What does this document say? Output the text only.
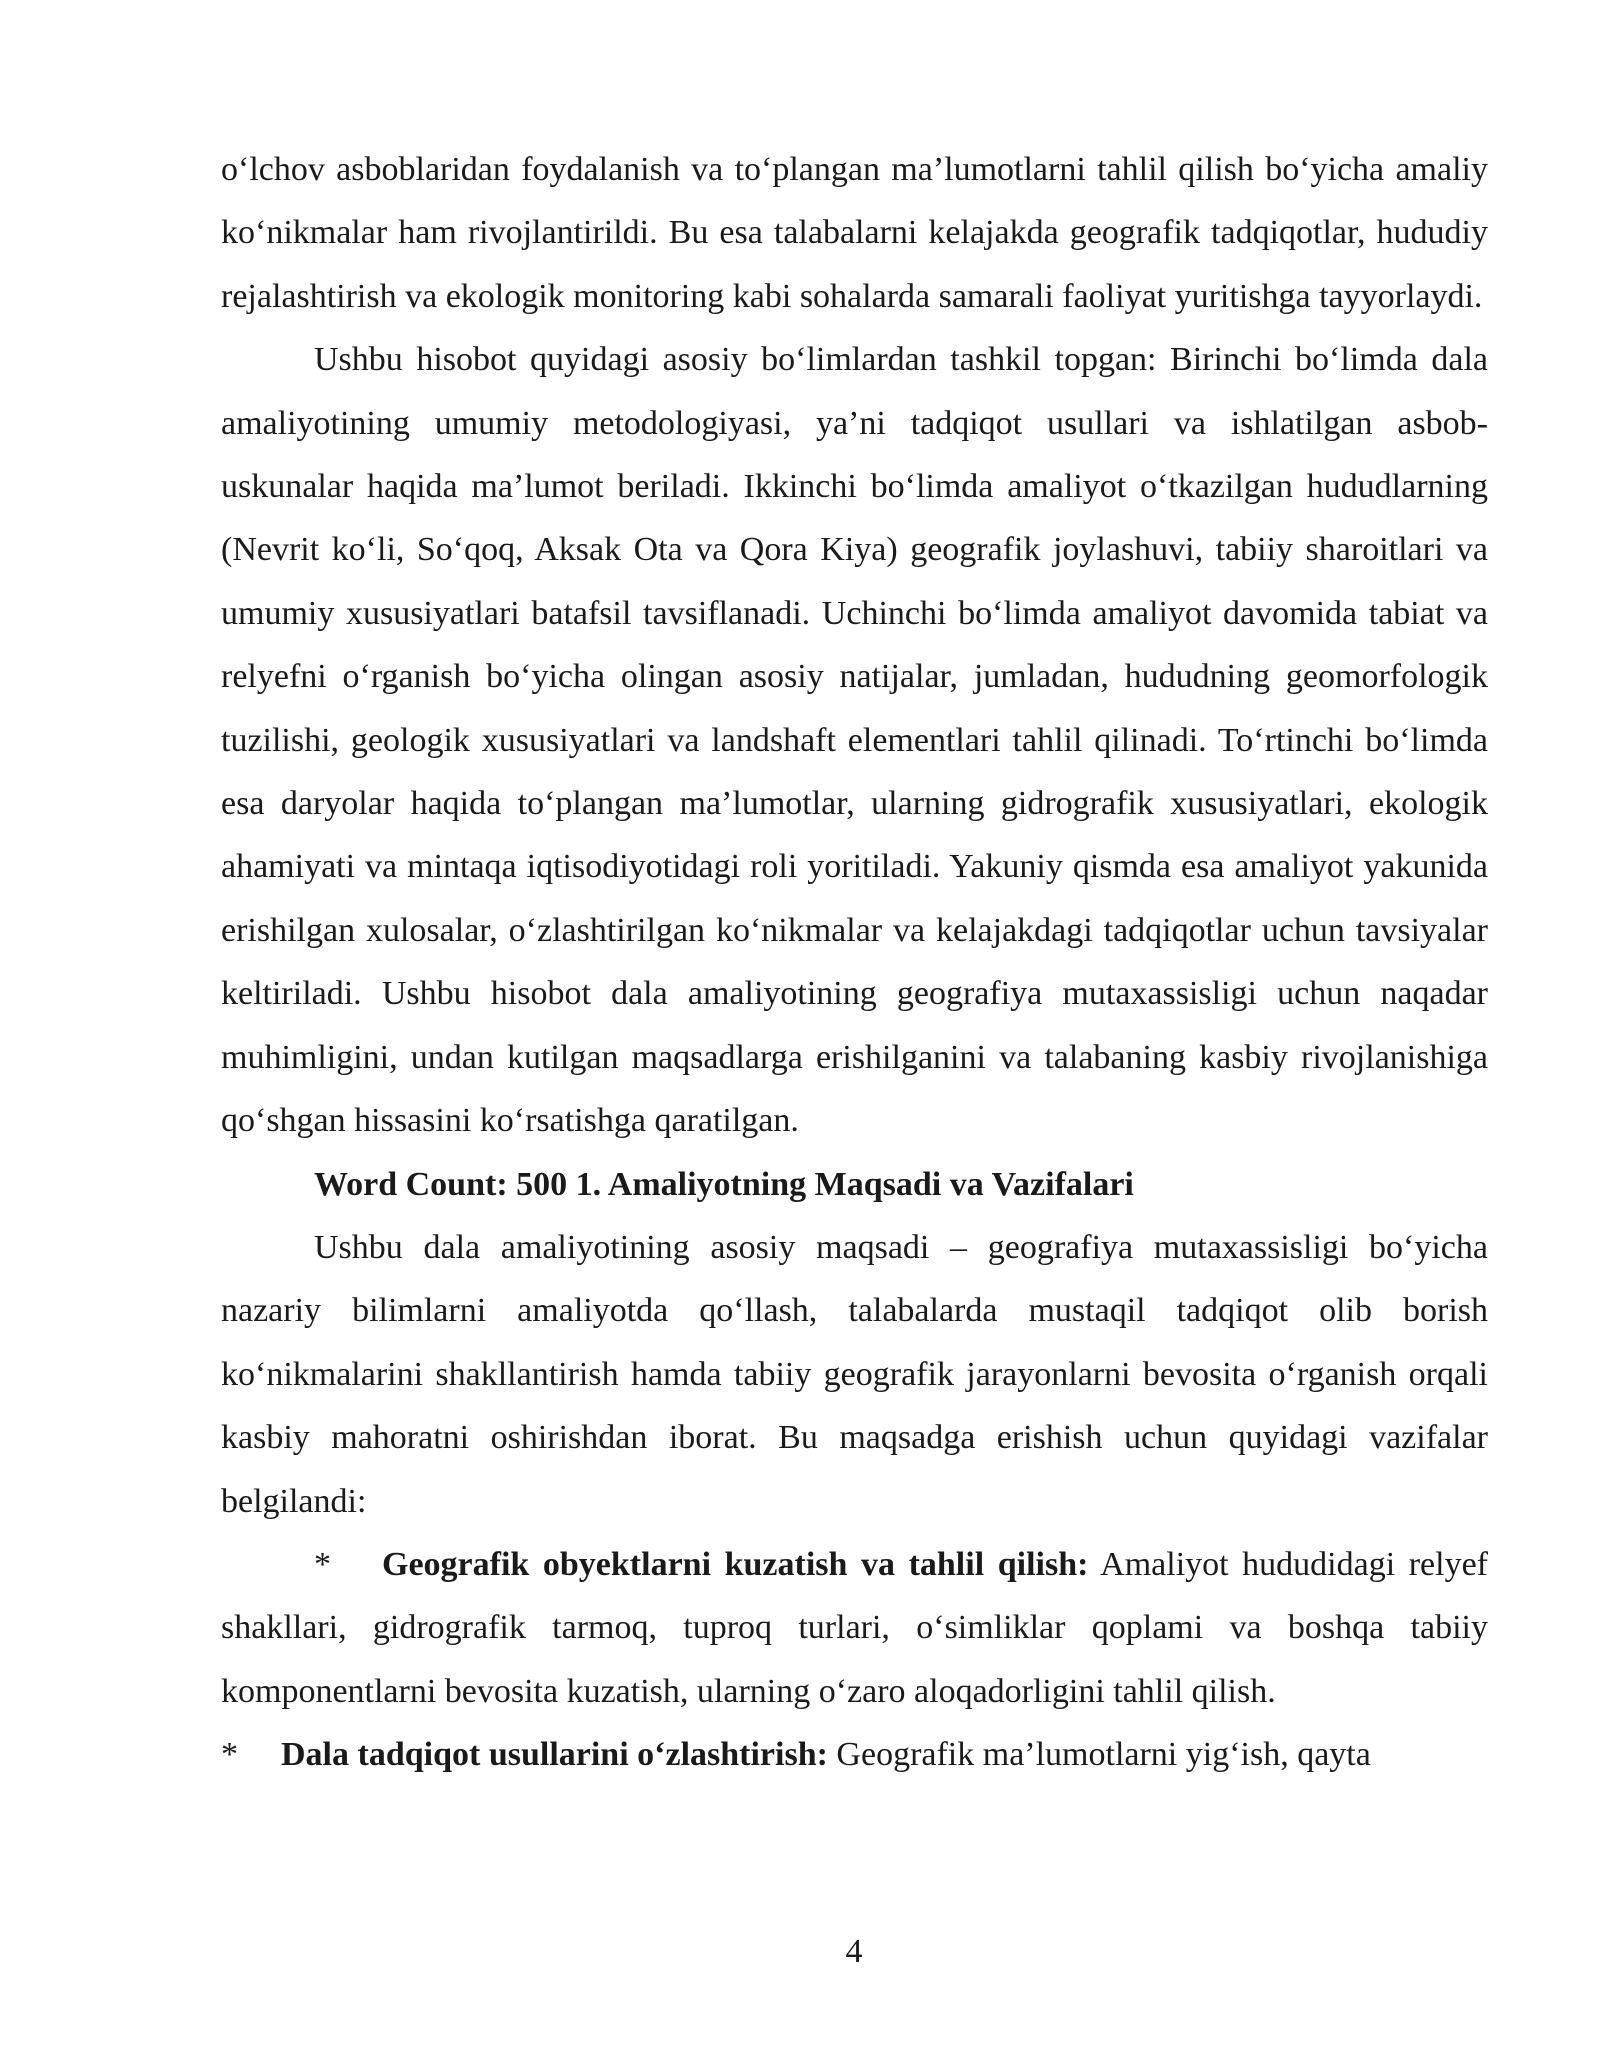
o‘lchov asboblaridan foydalanish va to‘plangan ma’lumotlarni tahlil qilish bo‘yicha amaliy ko‘nikmalar ham rivojlantirildi. Bu esa talabalarni kelajakda geografik tadqiqotlar, hududiy rejalashtirish va ekologik monitoring kabi sohalarda samarali faoliyat yuritishga tayyorlaydi.

Ushbu hisobot quyidagi asosiy bo‘limlardan tashkil topgan: Birinchi bo‘limda dala amaliyotining umumiy metodologiyasi, ya’ni tadqiqot usullari va ishlatilgan asbob-uskunalar haqida ma’lumot beriladi. Ikkinchi bo‘limda amaliyot o‘tkazilgan hududlarning (Nevrit ko‘li, So‘qoq, Aksak Ota va Qora Kiya) geografik joylashuvi, tabiiy sharoitlari va umumiy xususiyatlari batafsil tavsiflanadi. Uchinchi bo‘limda amaliyot davomida tabiat va relyefni o‘rganish bo‘yicha olingan asosiy natijalar, jumladan, hududning geomorfologik tuzilishi, geologik xususiyatlari va landshaft elementlari tahlil qilinadi. To‘rtinchi bo‘limda esa daryolar haqida to‘plangan ma’lumotlar, ularning gidrografik xususiyatlari, ekologik ahamiyati va mintaqa iqtisodiyotidagi roli yoritiladi. Yakuniy qismda esa amaliyot yakunida erishilgan xulosalar, o‘zlashtirilgan ko‘nikmalar va kelajakdagi tadqiqotlar uchun tavsiyalar keltiriladi. Ushbu hisobot dala amaliyotining geografiya mutaxassisligi uchun naqadar muhimligini, undan kutilgan maqsadlarga erishilganini va talabaning kasbiy rivojlanishiga qo‘shgan hissasini ko‘rsatishga qaratilgan.

Word Count: 500 1. Amaliyotning Maqsadi va Vazifalari

Ushbu dala amaliyotining asosiy maqsadi – geografiya mutaxassisligi bo‘yicha nazariy bilimlarni amaliyotda qo‘llash, talabalarda mustaqil tadqiqot olib borish ko‘nikmalarini shakllantirish hamda tabiiy geografik jarayonlarni bevosita o‘rganish orqali kasbiy mahoratni oshirishdan iborat. Bu maqsadga erishish uchun quyidagi vazifalar belgilandi:

* Geografik obyektlarni kuzatish va tahlil qilish: Amaliyot hududidagi relyef shakllari, gidrografik tarmoq, tuproq turlari, o‘simliklar qoplami va boshqa tabiiy komponentlarni bevosita kuzatish, ularning o‘zaro aloqadorligini tahlil qilish.

* Dala tadqiqot usullarini o‘zlashtirish: Geografik ma’lumotlarni yig‘ish, qayta

4
